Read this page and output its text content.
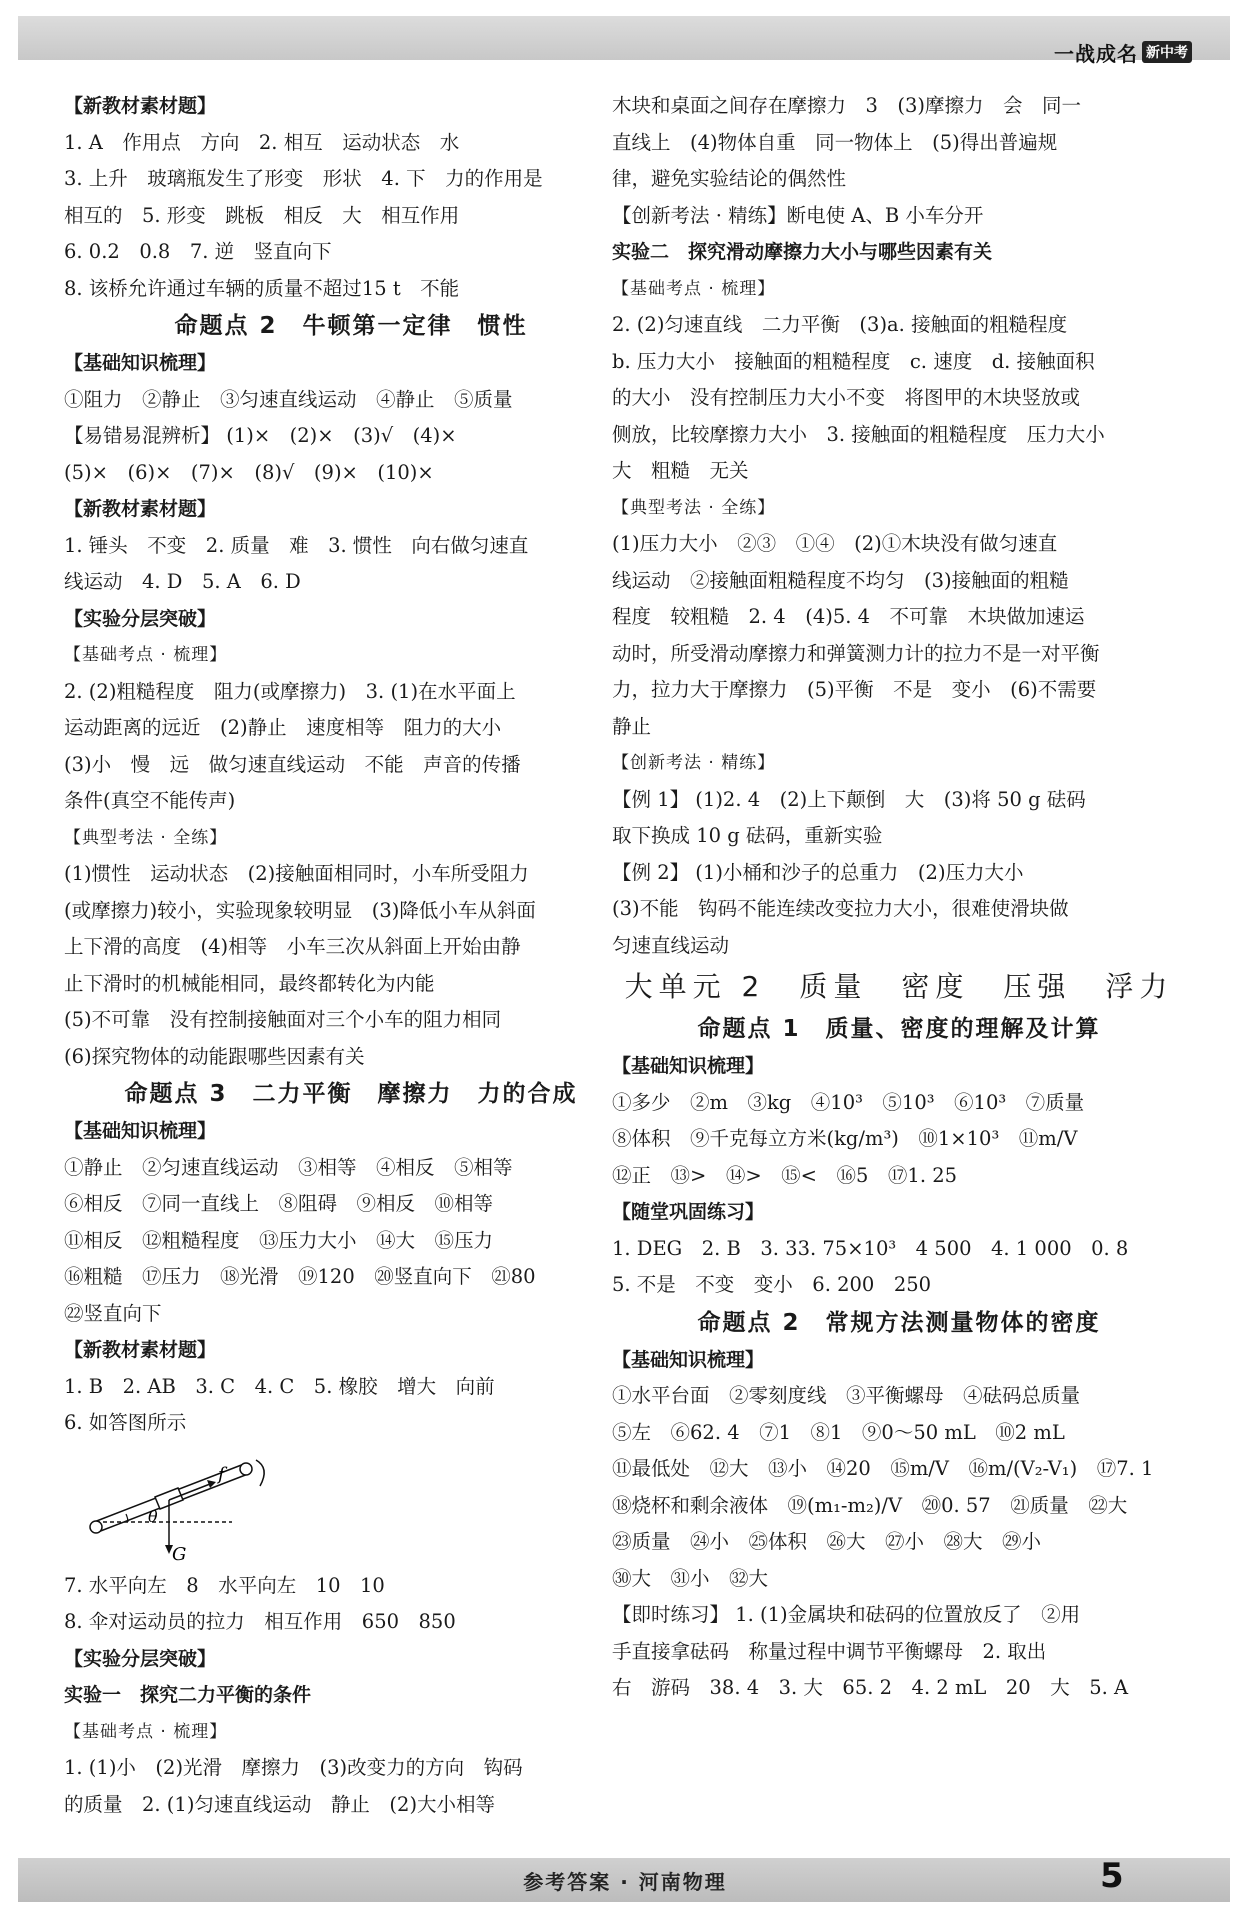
一战成名 新中考
【新教材素材题】
1. A　作用点　方向　2. 相互　运动状态　水
3. 上升　玻璃瓶发生了形变　形状　4. 下　力的作用是
相互的　5. 形变　跳板　相反　大　相互作用
6. 0.2　0.8　7. 逆　竖直向下
8. 该桥允许通过车辆的质量不超过15 t　不能
命题点 2　牛顿第一定律　惯性
【基础知识梳理】
①阻力　②静止　③匀速直线运动　④静止　⑤质量
【易错易混辨析】 (1)×　(2)×　(3)√　(4)×
(5)×　(6)×　(7)×　(8)√　(9)×　(10)×
【新教材素材题】
1. 锤头　不变　2. 质量　难　3. 惯性　向右做匀速直
线运动　4. D　5. A　6. D
【实验分层突破】
【基础考点 · 梳理】
2. (2)粗糙程度　阻力(或摩擦力)　3. (1)在水平面上
运动距离的远近　(2)静止　速度相等　阻力的大小
(3)小　慢　远　做匀速直线运动　不能　声音的传播
条件(真空不能传声)
【典型考法 · 全练】
(1)惯性　运动状态　(2)接触面相同时，小车所受阻力
(或摩擦力)较小，实验现象较明显　(3)降低小车从斜面
上下滑的高度　(4)相等　小车三次从斜面上开始由静
止下滑时的机械能相同，最终都转化为内能
(5)不可靠　没有控制接触面对三个小车的阻力相同
(6)探究物体的动能跟哪些因素有关
命题点 3　二力平衡　摩擦力　力的合成
【基础知识梳理】
①静止　②匀速直线运动　③相等　④相反　⑤相等
⑥相反　⑦同一直线上　⑧阻碍　⑨相反　⑩相等
⑪相反　⑫粗糙程度　⑬压力大小　⑭大　⑮压力
⑯粗糙　⑰压力　⑱光滑　⑲120　⑳竖直向下　㉑80
㉒竖直向下
【新教材素材题】
1. B　2. AB　3. C　4. C　5. 橡胶　增大　向前
6. 如答图所示
f
θ
G
7. 水平向左　8　水平向左　10　10
8. 伞对运动员的拉力　相互作用　650　850
【实验分层突破】
实验一　探究二力平衡的条件
【基础考点 · 梳理】
1. (1)小　(2)光滑　摩擦力　(3)改变力的方向　钩码
的质量　2. (1)匀速直线运动　静止　(2)大小相等
木块和桌面之间存在摩擦力　3　(3)摩擦力　会　同一
直线上　(4)物体自重　同一物体上　(5)得出普遍规
律，避免实验结论的偶然性
【创新考法 · 精练】断电使 A、B 小车分开
实验二　探究滑动摩擦力大小与哪些因素有关
【基础考点 · 梳理】
2. (2)匀速直线　二力平衡　(3)a. 接触面的粗糙程度
b. 压力大小　接触面的粗糙程度　c. 速度　d. 接触面积
的大小　没有控制压力大小不变　将图甲的木块竖放或
侧放，比较摩擦力大小　3. 接触面的粗糙程度　压力大小
大　粗糙　无关
【典型考法 · 全练】
(1)压力大小　②③　①④　(2)①木块没有做匀速直
线运动　②接触面粗糙程度不均匀　(3)接触面的粗糙
程度　较粗糙　2. 4　(4)5. 4　不可靠　木块做加速运
动时，所受滑动摩擦力和弹簧测力计的拉力不是一对平衡
力，拉力大于摩擦力　(5)平衡　不是　变小　(6)不需要
静止
【创新考法 · 精练】
【例 1】 (1)2. 4　(2)上下颠倒　大　(3)将 50 g 砝码
取下换成 10 g 砝码，重新实验
【例 2】 (1)小桶和沙子的总重力　(2)压力大小
(3)不能　钩码不能连续改变拉力大小，很难使滑块做
匀速直线运动
大单元 2　质量　密度　压强　浮力
命题点 1　质量、密度的理解及计算
【基础知识梳理】
①多少　②m　③kg　④10³　⑤10³　⑥10³　⑦质量
⑧体积　⑨千克每立方米(kg/m³)　⑩1×10³　⑪m/V
⑫正　⑬>　⑭>　⑮<　⑯5　⑰1. 25
【随堂巩固练习】
1. DEG　2. B　3. 33. 75×10³　4 500　4. 1 000　0. 8
5. 不是　不变　变小　6. 200　250
命题点 2　常规方法测量物体的密度
【基础知识梳理】
①水平台面　②零刻度线　③平衡螺母　④砝码总质量
⑤左　⑥62. 4　⑦1　⑧1　⑨0～50 mL　⑩2 mL
⑪最低处　⑫大　⑬小　⑭20　⑮m/V　⑯m/(V₂-V₁)　⑰7. 1
⑱烧杯和剩余液体　⑲(m₁-m₂)/V　⑳0. 57　㉑质量　㉒大
㉓质量　㉔小　㉕体积　㉖大　㉗小　㉘大　㉙小
㉚大　㉛小　㉜大
【即时练习】 1. (1)金属块和砝码的位置放反了　②用
手直接拿砝码　称量过程中调节平衡螺母　2. 取出
右　游码　38. 4　3. 大　65. 2　4. 2 mL　20　大　5. A
参考答案 · 河南物理	5
